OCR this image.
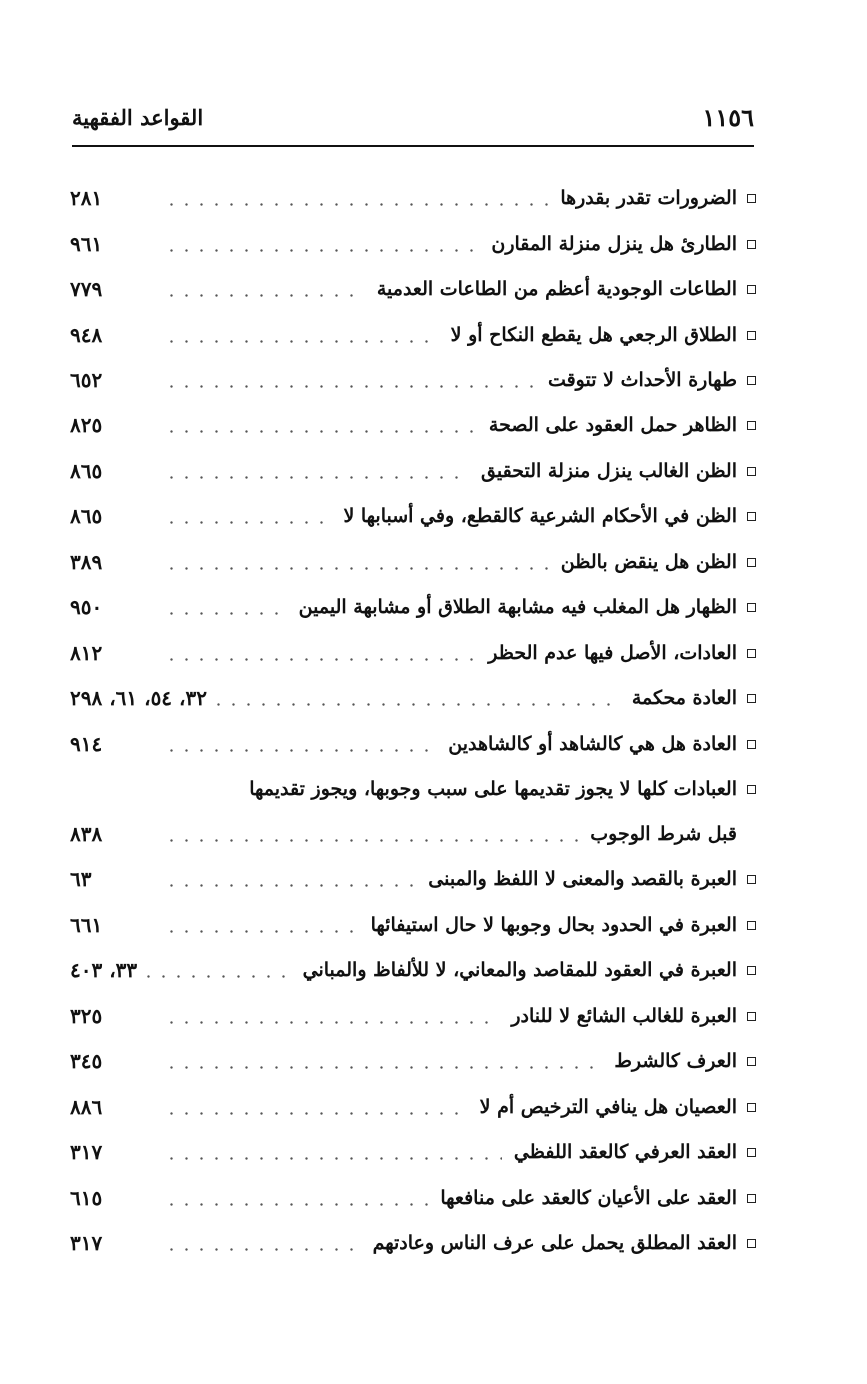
١١٥٦
القواعد الفقهية
الضرورات تقدر بقدرها
٢٨١
الطارئ هل ينزل منزلة المقارن
٩٦١
الطاعات الوجودية أعظم من الطاعات العدمية
٧٧٩
الطلاق الرجعي هل يقطع النكاح أو لا
٩٤٨
طهارة الأحداث لا تتوقت
٦٥٢
الظاهر حمل العقود على الصحة
٨٢٥
الظن الغالب ينزل منزلة التحقيق
٨٦٥
الظن في الأحكام الشرعية كالقطع، وفي أسبابها لا
٨٦٥
الظن هل ينقض بالظن
٣٨٩
الظهار هل المغلب فيه مشابهة الطلاق أو مشابهة اليمين
٩٥٠
العادات، الأصل فيها عدم الحظر
٨١٢
العادة محكمة
٣٢، ٥٤، ٦١، ٢٩٨
العادة هل هي كالشاهد أو كالشاهدين
٩١٤
العبادات كلها لا يجوز تقديمها على سبب وجوبها، ويجوز تقديمها
قبل شرط الوجوب
٨٣٨
العبرة بالقصد والمعنى لا اللفظ والمبنى
٦٣
العبرة في الحدود بحال وجوبها لا حال استيفائها
٦٦١
العبرة في العقود للمقاصد والمعاني، لا للألفاظ والمباني
٣٣، ٤٠٣
العبرة للغالب الشائع لا للنادر
٣٢٥
العرف كالشرط
٣٤٥
العصيان هل ينافي الترخيص أم لا
٨٨٦
العقد العرفي كالعقد اللفظي
٣١٧
العقد على الأعيان كالعقد على منافعها
٦١٥
العقد المطلق يحمل على عرف الناس وعادتهم
٣١٧
